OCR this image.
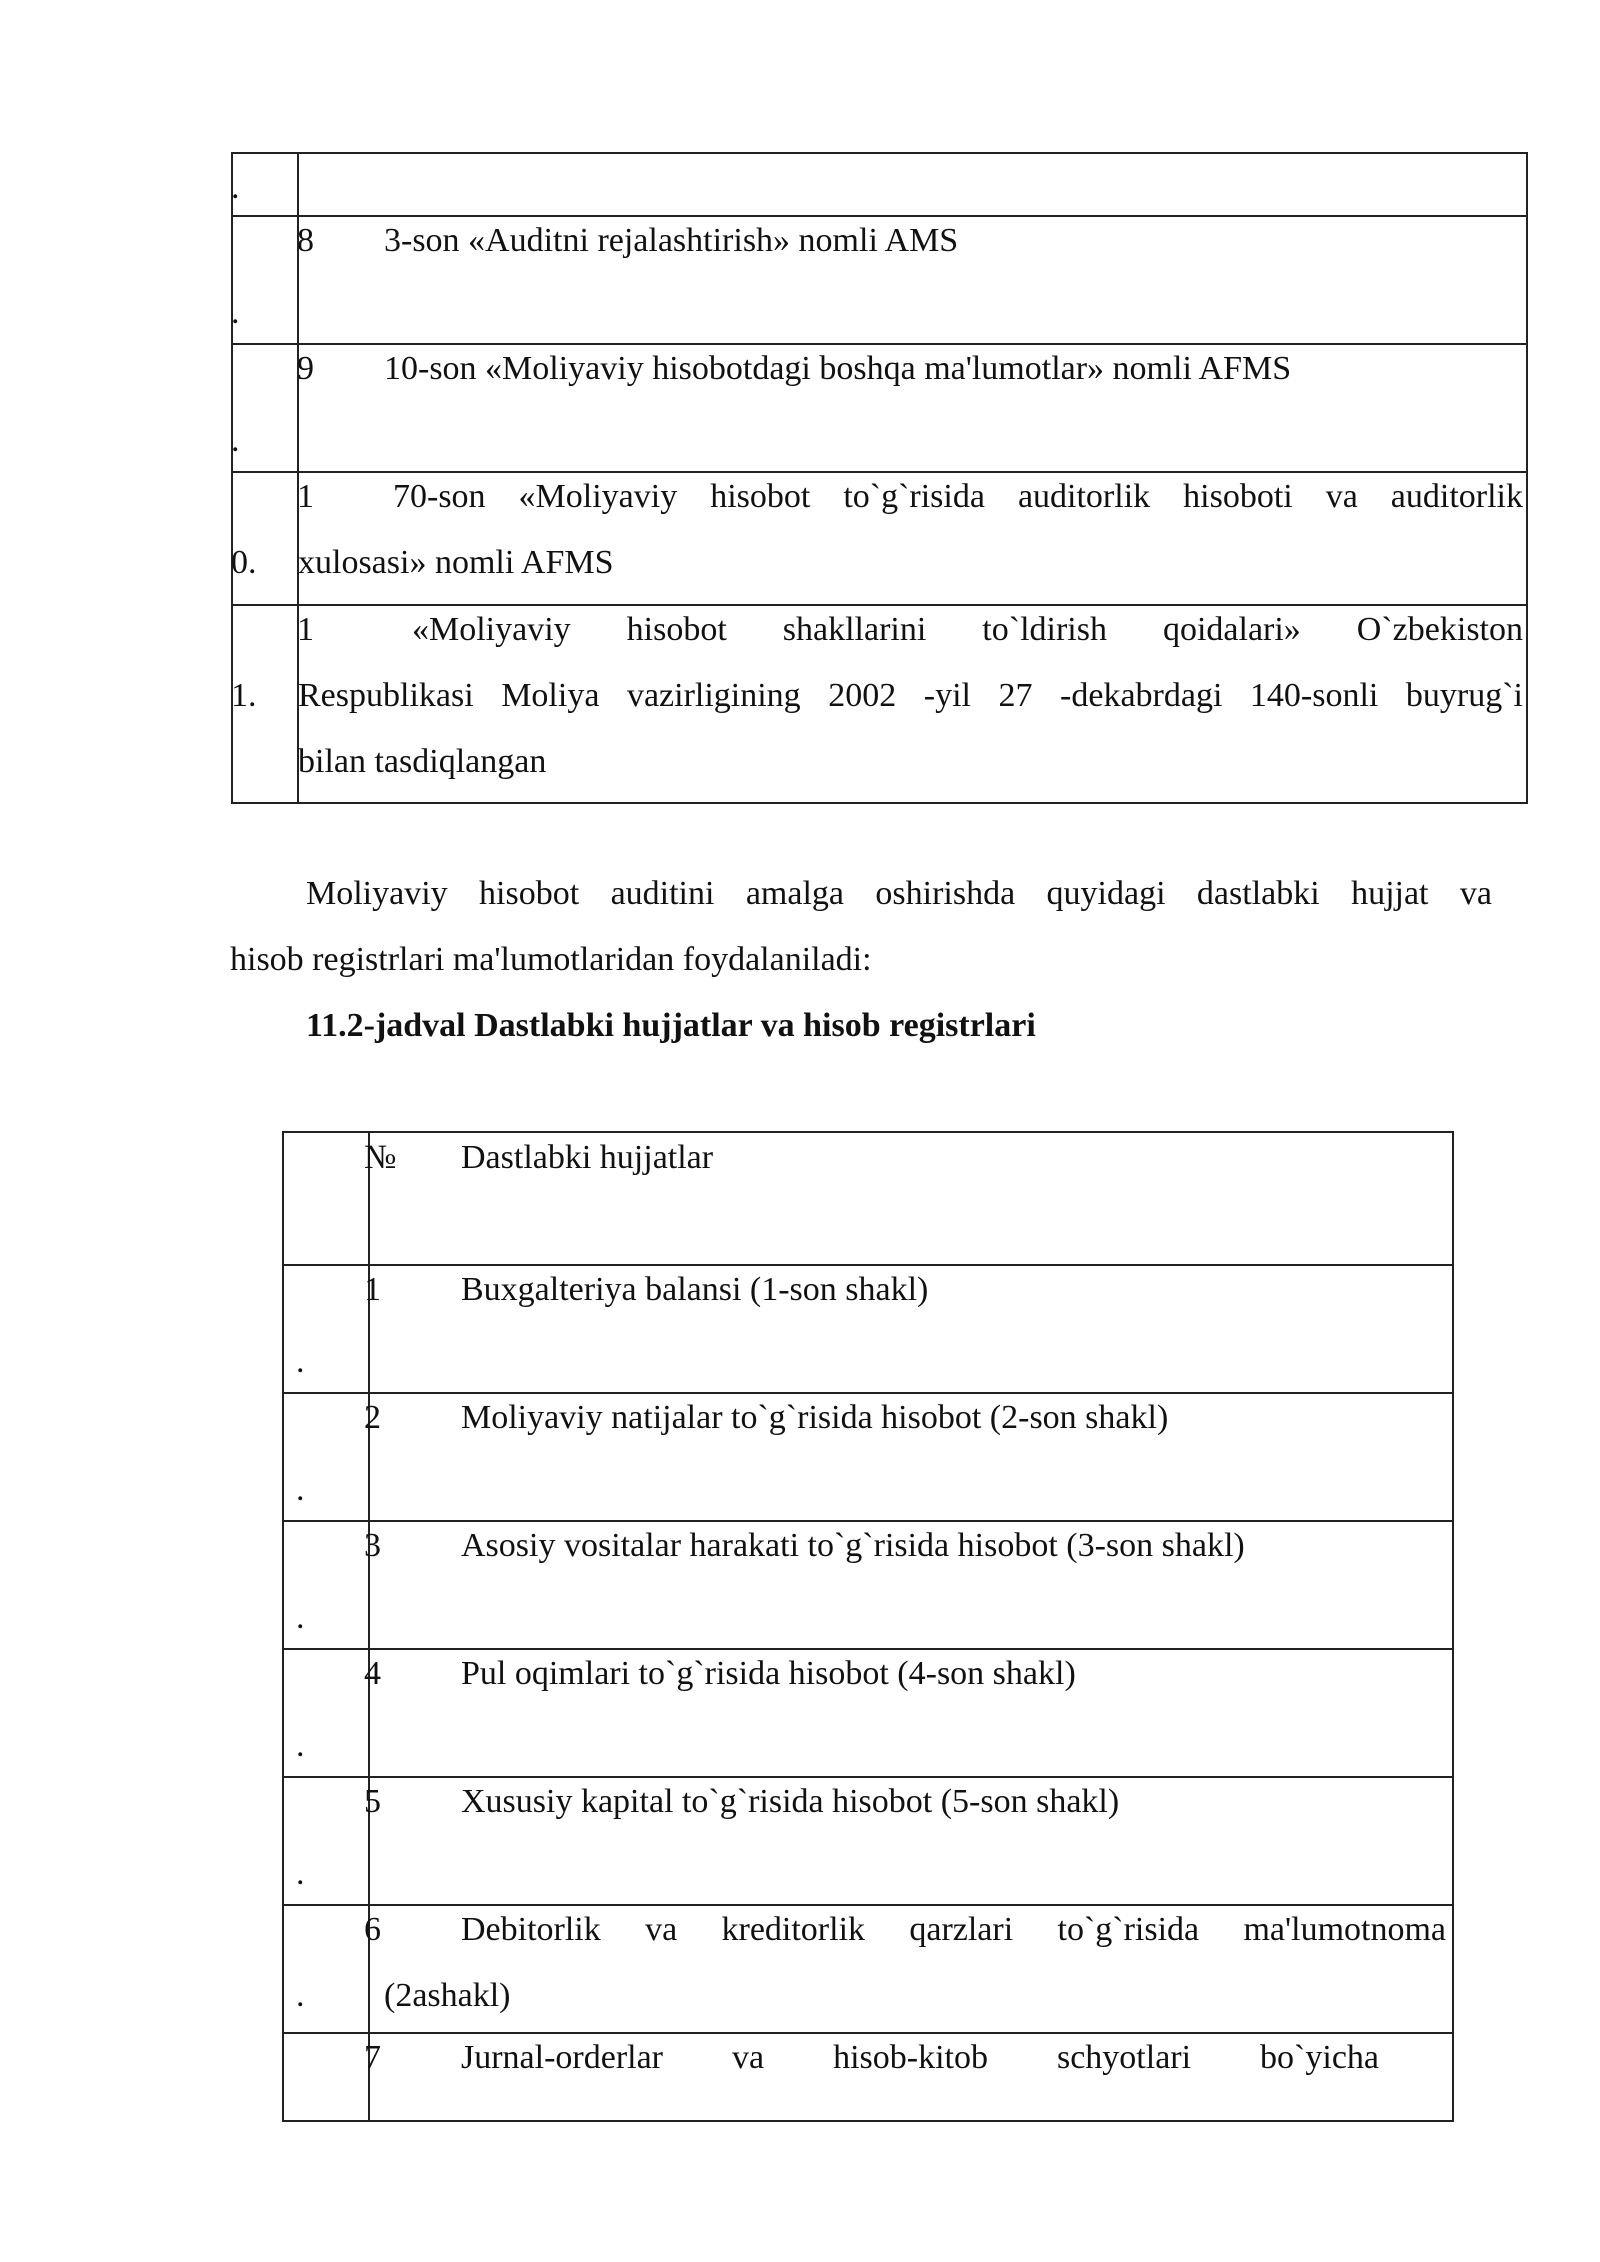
.
.
8 3-son «Auditni rejalashtirish» nomli AMS
.
9 10-son «Moliyaviy hisobotdagi boshqa ma'lumotlar» nomli AFMS
0.
1 70-son «Moliyaviy hisobot to`g`risida auditorlik hisoboti va auditorlik
xulosasi» nomli AFMS
1.
1	«Moliyaviy hisobot shakllarini to`ldirish qoidalari» O`zbekiston
Respublikasi Moliya vazirligining 2002 -yil 27 -dekabrdagi 140-sonli buyrug`i
bilan tasdiqlangan
Moliyaviy hisobot auditini amalga oshirishda quyidagi dastlabki hujjat va
hisob registrlari ma'lumotlaridan foydalaniladi:
11.2-jadval Dastlabki hujjatlar va hisob registrlari
№ Dastlabki hujjatlar
.
1 Buxgalteriya balansi (1-son shakl)
.
2 Moliyaviy natijalar to`g`risida hisobot (2-son shakl)
.
3 Asosiy vositalar harakati to`g`risida hisobot (3-son shakl)
.
4 Pul oqimlari to`g`risida hisobot (4-son shakl)
.
5 Xususiy kapital to`g`risida hisobot (5-son shakl)
.
6 Debitorlik va kreditorlik qarzlari to`g`risida ma'lumotnoma
(2ashakl)
7 Jurnal-orderlar va hisob-kitob schyotlari bo`yicha
